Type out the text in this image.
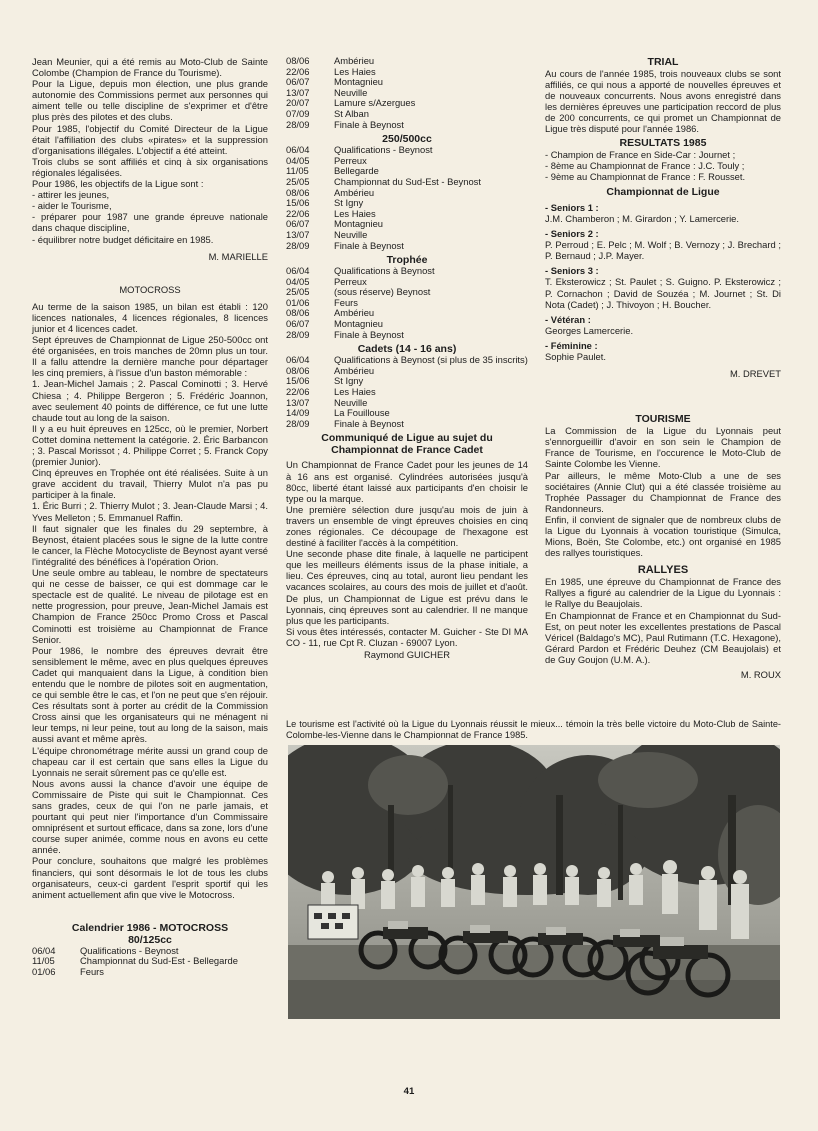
Jean Meunier, qui a été remis au Moto-Club de Sainte Colombe (Champion de France du Tourisme).

Pour la Ligue, depuis mon élection, une plus grande autonomie des Commissions permet aux personnes qui aiment telle ou telle discipline de s'exprimer et d'être plus près des pilotes et des clubs.

Pour 1985, l'objectif du Comité Directeur de la Ligue était l'affiliation des clubs «pirates» et la suppression d'organisations illégales. L'objectif a été atteint.

Trois clubs se sont affiliés et cinq à six organisations régionales légalisées.

Pour 1986, les objectifs de la Ligue sont :

- attirer les jeunes,

- aider le Tourisme,

- préparer pour 1987 une grande épreuve nationale dans chaque discipline,

- équilibrer notre budget déficitaire en 1985.

M. MARIELLE

MOTOCROSS

Au terme de la saison 1985, un bilan est établi : 120 licences nationales, 4 licences régionales, 8 licences junior et 4 licences cadet.

Sept épreuves de Championnat de Ligue 250-500cc ont été organisées, en trois manches de 20mn plus un tour. Il a fallu attendre la dernière manche pour départager les cinq premiers, à l'issue d'un baston mémorable :

1. Jean-Michel Jamais ; 2. Pascal Cominotti ; 3. Hervé Chiesa ; 4. Philippe Bergeron ; 5. Frédéric Joannon, avec seulement 40 points de différence, ce fut une lutte chaude tout au long de la saison.

Il y a eu huit épreuves en 125cc, où le premier, Norbert Cottet domina nettement la catégorie. 2. Éric Barbancon ; 3. Pascal Morissot ; 4. Philippe Corret ; 5. Franck Copy (premier Junior).

Cinq épreuves en Trophée ont été réalisées. Suite à un grave accident du travail, Thierry Mulot n'a pas pu participer à la finale.

1. Éric Burri ; 2. Thierry Mulot ; 3. Jean-Claude Marsi ; 4. Yves Melleton ; 5. Emmanuel Raffin.

Il faut signaler que les finales du 29 septembre, à Beynost, étaient placées sous le signe de la lutte contre le cancer, la Flèche Motocycliste de Beynost ayant versé l'intégralité des bénéfices à l'opération Orion.

Une seule ombre au tableau, le nombre de spectateurs qui ne cesse de baisser, ce qui est dommage car le spectacle est de qualité. Le niveau de pilotage est en nette progression, pour preuve, Jean-Michel Jamais est Champion de France 250cc Promo Cross et Pascal Cominotti est troisième au Championnat de France Senior.

Pour 1986, le nombre des épreuves devrait être sensiblement le même, avec en plus quelques épreuves Cadet qui manquaient dans la Ligue, à condition bien entendu que le nombre de pilotes soit en augmentation, ce qui semble être le cas, et l'on ne peut que s'en réjouir. Ces résultats sont à porter au crédit de la Commission Cross ainsi que les organisateurs qui ne ménagent ni leur temps, ni leur peine, tout au long de la saison, mais aussi avant et même après.

L'équipe chronométrage mérite aussi un grand coup de chapeau car il est certain que sans elles la Ligue du Lyonnais ne serait sûrement pas ce qu'elle est.

Nous avons aussi la chance d'avoir une équipe de Commissaire de Piste qui suit le Championnat. Ces sans grades, ceux de qui l'on ne parle jamais, et pourtant qui peut nier l'importance d'un Commissaire omniprésent et surtout efficace, dans sa zone, lors d'une course super animée, comme nous en avons eu cette année.

Pour conclure, souhaitons que malgré les problèmes financiers, qui sont désormais le lot de tous les clubs organisateurs, ceux-ci gardent l'esprit sportif qui les animent actuellement afin que vive le Motocross.

Calendrier 1986 - MOTOCROSS

80/125cc

06/04	Qualifications - Beynost
11/05	Championnat du Sud-Est - Bellegarde
01/06	Feurs
08/06	Ambérieu
22/06	Les Haies
06/07	Montagnieu
13/07	Neuville
20/07	Lamure s/Azergues
07/09	St Alban
28/09	Finale à Beynost

250/500cc

06/04	Qualifications - Beynost
04/05	Perreux
11/05	Bellegarde
25/05	Championnat du Sud-Est - Beynost
08/06	Ambérieu
15/06	St Igny
22/06	Les Haies
06/07	Montagnieu
13/07	Neuville
28/09	Finale à Beynost

Trophée

06/04	Qualifications à Beynost
04/05	Perreux
25/05	(sous réserve) Beynost
01/06	Feurs
08/06	Ambérieu
06/07	Montagnieu
28/09	Finale à Beynost

Cadets (14 - 16 ans)

06/04	Qualifications à Beynost (si plus de 35 inscrits)
08/06	Ambérieu
15/06	St Igny
22/06	Les Haies
13/07	Neuville
14/09	La Fouillouse
28/09	Finale à Beynost

Communiqué de Ligue au sujet du Championnat de France Cadet

Un Championnat de France Cadet pour les jeunes de 14 à 16 ans est organisé. Cylindrées autorisées jusqu'à 80cc, liberté étant laissé aux participants d'en choisir le type ou la marque.

Une première sélection dure jusqu'au mois de juin à travers un ensemble de vingt épreuves choisies en cinq zones régionales. Ce découpage de l'hexagone est destiné à faciliter l'accès à la compétition.

Une seconde phase dite finale, à laquelle ne participent que les meilleurs éléments issus de la phase initiale, a lieu. Ces épreuves, cinq au total, auront lieu pendant les vacances scolaires, au cours des mois de juillet et d'août. De plus, un Championnat de Ligue est prévu dans le Lyonnais, cinq épreuves sont au calendrier. Il ne manque plus que les participants.

Si vous êtes intéressés, contacter M. Guicher - Ste DI MA CO - 11, rue Cpt R. Cluzan - 69007 Lyon.

Raymond GUICHER

TRIAL

Au cours de l'année 1985, trois nouveaux clubs se sont affiliés, ce qui nous a apporté de nouvelles épreuves et de nouveaux concurrents. Nous avons enregistré dans les dernières épreuves une participation reccord de plus de 200 concurrents, ce qui promet un Championnat de Ligue très disputé pour l'année 1986.

RESULTATS 1985

- Champion de France en Side-Car : Journet ;

- 8ème au Championnat de France : J.C. Touly ;

- 9ème au Championnat de France : F. Rousset.

Championnat de Ligue

- Seniors 1 :

J.M. Chamberon ; M. Girardon ; Y. Lamercerie.

- Seniors 2 :

P. Perroud ; E. Pelc ; M. Wolf ; B. Vernozy ; J. Brechard ; P. Bernaud ; J.P. Mayer.

- Seniors 3 :

T. Eksterowicz ; St. Paulet ; S. Guigno. P. Eksterowicz ; P. Cornachon ; David de Souzéa ; M. Journet ; St. Di Nota (Cadet) ; J. Thivoyon ; H. Boucher.

- Vétéran :

Georges Lamercerie.

- Féminine :

Sophie Paulet.

M. DREVET

TOURISME

La Commission de la Ligue du Lyonnais peut s'ennorgueillir d'avoir en son sein le Champion de France de Tourisme, en l'occurence le Moto-Club de Sainte Colombe les Vienne.

Par ailleurs, le même Moto-Club a une de ses sociétaires (Annie Clut) qui a été classée troisième au Trophée Passager du Championnat de France des Randonneurs.

Enfin, il convient de signaler que de nombreux clubs de la Ligue du Lyonnais à vocation touristique (Simulca, Mions, Boën, Ste Colombe, etc.) ont organisé en 1985 des rallyes touristiques.

RALLYES

En 1985, une épreuve du Championnat de France des Rallyes a figuré au calendrier de la Ligue du Lyonnais : le Rallye du Beaujolais.

En Championnat de France et en Championnat du Sud-Est, on peut noter les excellentes prestations de Pascal Véricel (Baldago's MC), Paul Rutimann (T.C. Hexagone), Gérard Pardon et Frédéric Deuhez (CM Beaujolais) et de Guy Goujon (U.M. A.).

M. ROUX

Le tourisme est l'activité où la Ligue du Lyonnais réussit le mieux... témoin la très belle victoire du Moto-Club de Sainte-Colombe-les-Vienne dans le Championnat de France 1985.

41
